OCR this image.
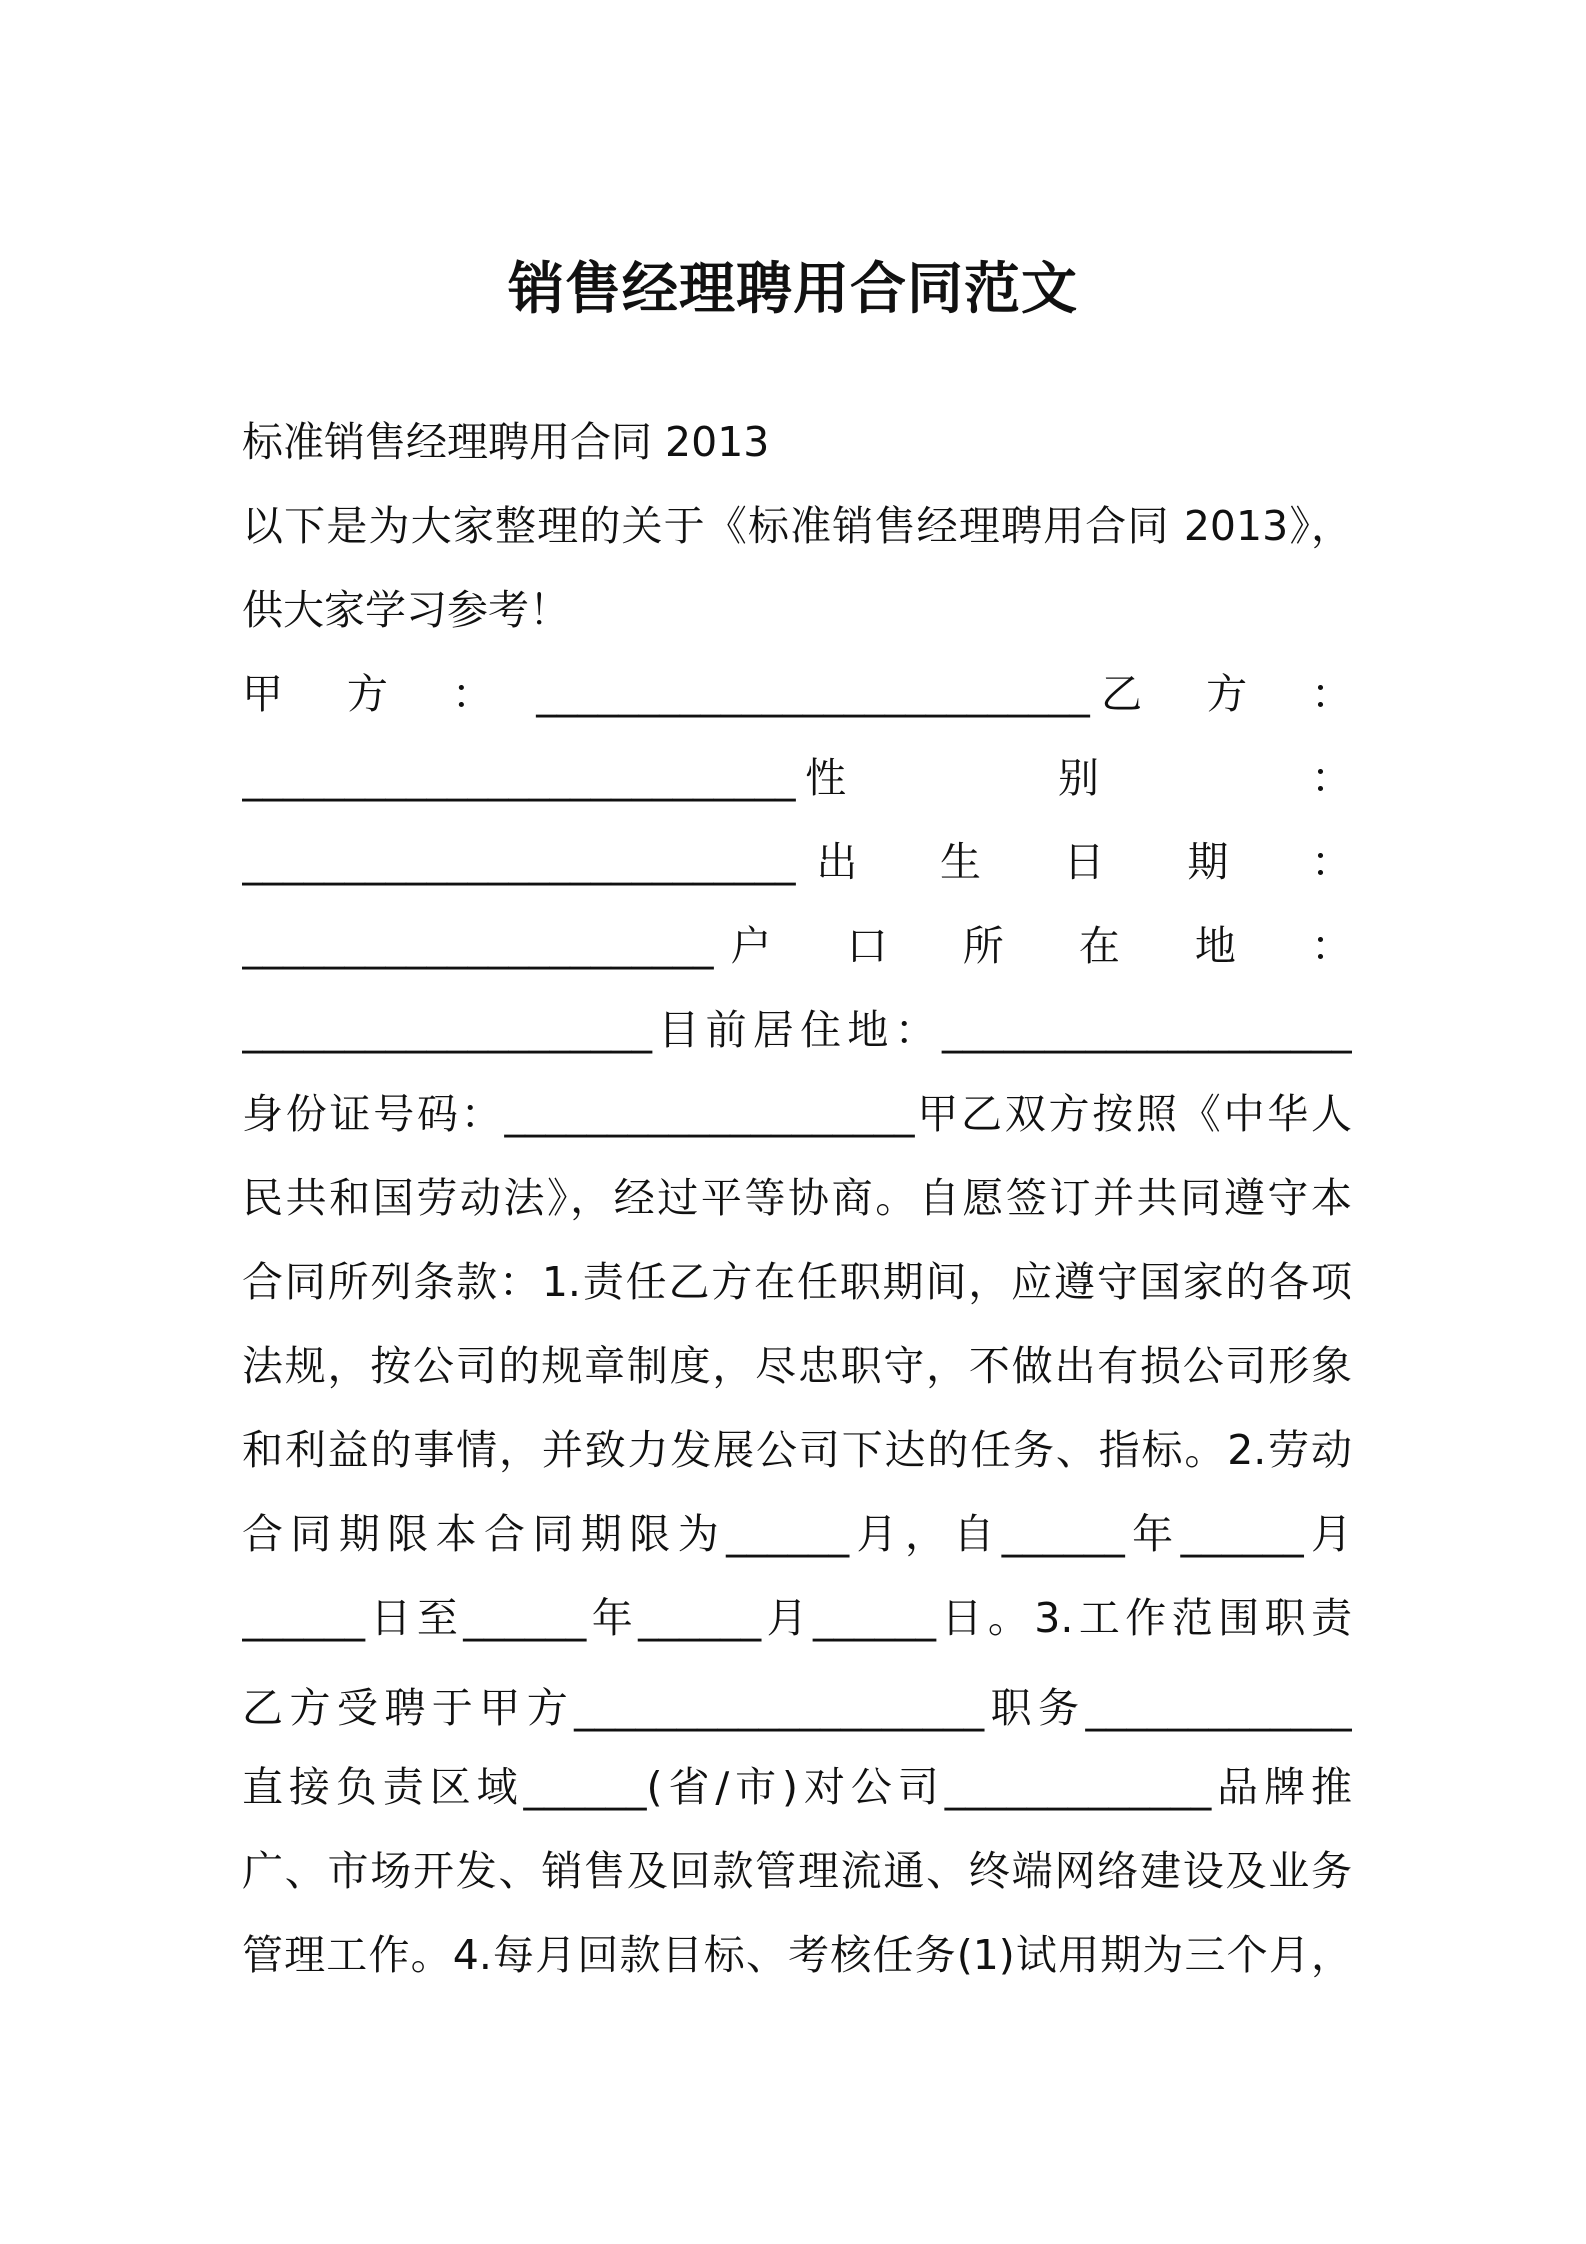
销售经理聘用合同范文
标准销售经理聘用合同 2013
以下是为大家整理的关于《标准销售经理聘用合同 2013》，
供大家学习参考！
甲　方　：　___________________________乙　方　：
___________________________性　　　　别　　　　：
___________________________出　生　日　期　：
_______________________户　口　所　在　地　：
____________________目前居住地：____________________
身份证号码：____________________甲乙双方按照《中华人
民共和国劳动法》，经过平等协商。自愿签订并共同遵守本
合同所列条款：1.责任乙方在任职期间，应遵守国家的各项
法规，按公司的规章制度，尽忠职守，不做出有损公司形象
和利益的事情，并致力发展公司下达的任务、指标。2.劳动
合同期限本合同期限为______月，自______年______月
______日至______年______月______日。3.工作范围职责
乙方受聘于甲方____________________职务_____________
直接负责区域______(省/市)对公司_____________品牌推
广、市场开发、销售及回款管理流通、终端网络建设及业务
管理工作。4.每月回款目标、考核任务(1)试用期为三个月，
